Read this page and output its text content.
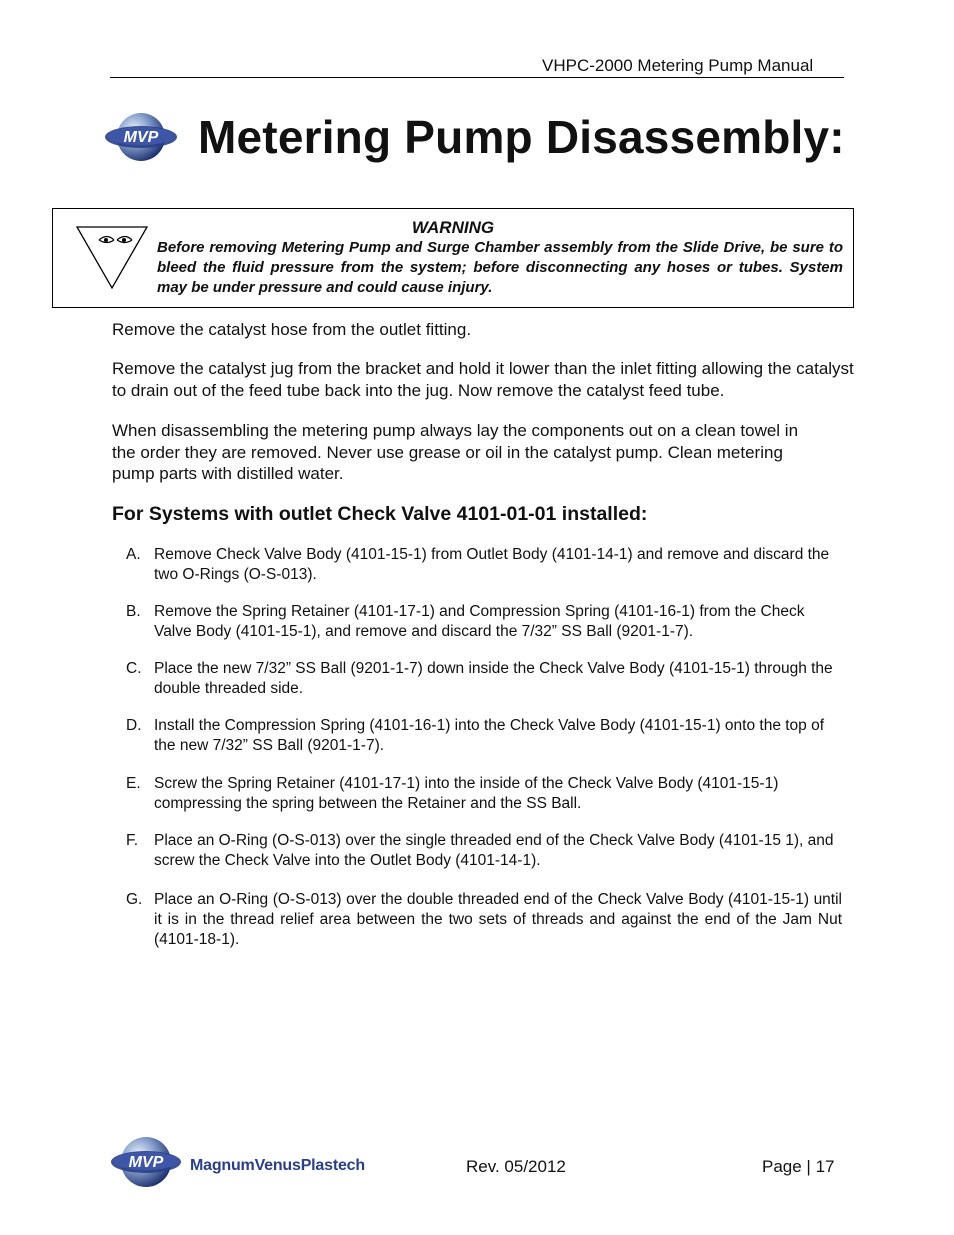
VHPC-2000 Metering Pump Manual
MVP Metering Pump Disassembly:
WARNING
Before removing Metering Pump and Surge Chamber assembly from the Slide Drive, be sure to bleed the fluid pressure from the system; before disconnecting any hoses or tubes. System may be under pressure and could cause injury.
Remove the catalyst hose from the outlet fitting.
Remove the catalyst jug from the bracket and hold it lower than the inlet fitting allowing the catalyst to drain out of the feed tube back into the jug. Now remove the catalyst feed tube.
When disassembling the metering pump always lay the components out on a clean towel in the order they are removed. Never use grease or oil in the catalyst pump. Clean metering pump parts with distilled water.
For Systems with outlet Check Valve 4101-01-01 installed:
A. Remove Check Valve Body (4101-15-1) from Outlet Body (4101-14-1) and remove and discard the two O-Rings (O-S-013).
B. Remove the Spring Retainer (4101-17-1) and Compression Spring (4101-16-1) from the Check Valve Body (4101-15-1), and remove and discard the 7/32” SS Ball (9201-1-7).
C. Place the new 7/32” SS Ball (9201-1-7) down inside the Check Valve Body (4101-15-1) through the double threaded side.
D. Install the Compression Spring (4101-16-1) into the Check Valve Body (4101-15-1) onto the top of the new 7/32” SS Ball (9201-1-7).
E. Screw the Spring Retainer (4101-17-1) into the inside of the Check Valve Body (4101-15-1) compressing the spring between the Retainer and the SS Ball.
F.	Place an O-Ring (O-S-013) over the single threaded end of the Check Valve Body (4101-15 1), and screw the Check Valve into the Outlet Body (4101-14-1).
G. Place an O-Ring (O-S-013) over the double threaded end of the Check Valve Body (4101-15-1) until it is in the thread relief area between the two sets of threads and against the end of the Jam Nut (4101-18-1).
MVP MagnumVenusPlastech	Rev. 05/2012	Page | 17
